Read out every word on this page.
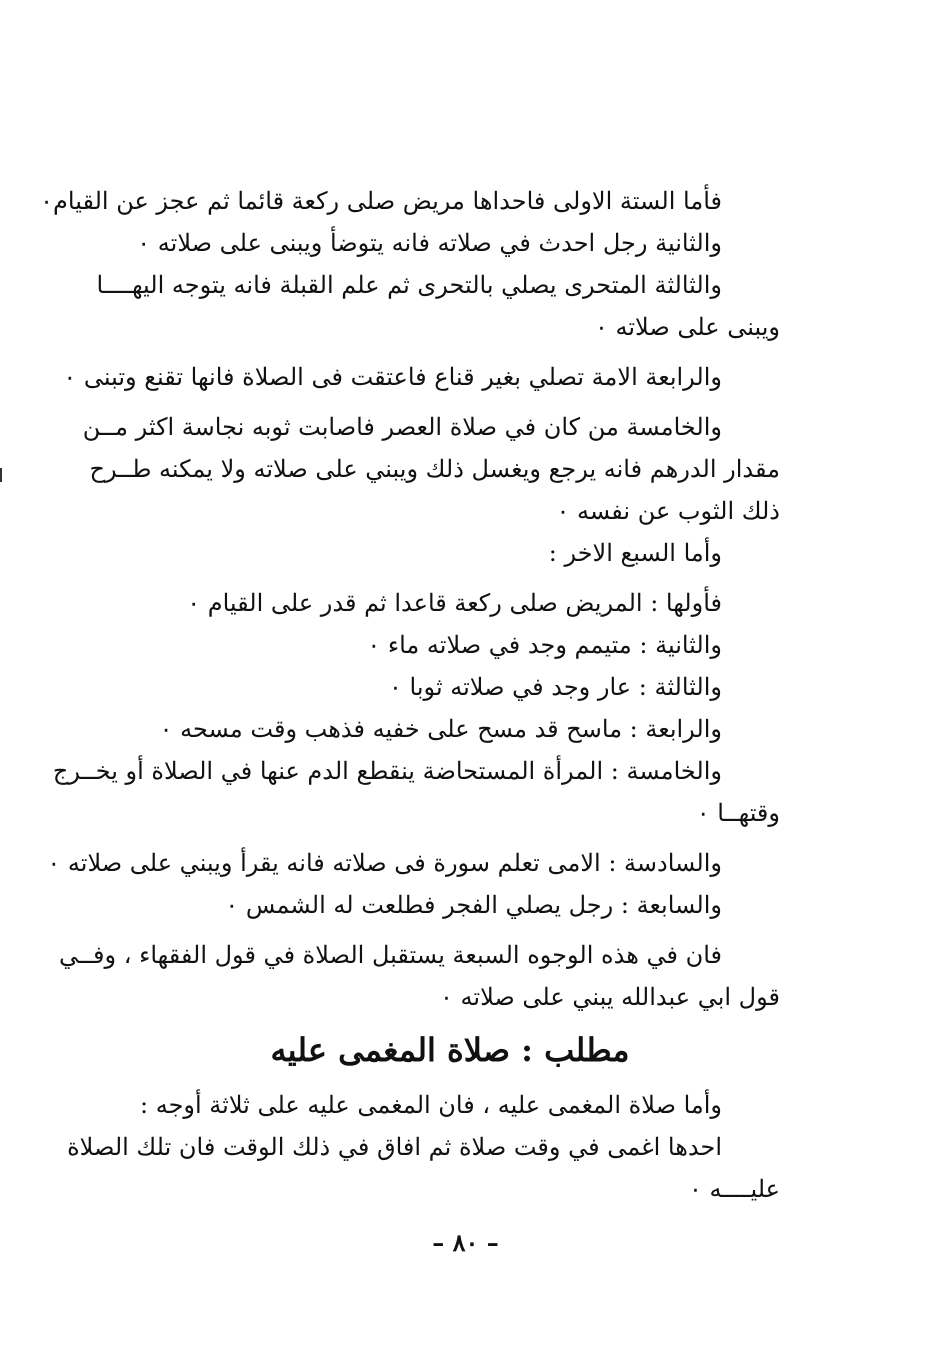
فأما الستة الاولى فاحداها مريض صلى ركعة قائما ثم عجز عن القيام٠

والثانية رجل احدث في صلاته فانه يتوضأ ويبنى على صلاته ٠

والثالثة المتحرى يصلي بالتحرى ثم علم القبلة فانه يتوجه اليهــــا

ويبنى على صلاته ٠

والرابعة الامة تصلي بغير قناع فاعتقت فى الصلاة فانها تقنع وتبنى ٠

والخامسة من كان في صلاة العصر فاصابت ثوبه نجاسة اكثر مــن

مقدار الدرهم فانه يرجع ويغسل ذلك ويبني على صلاته ولا يمكنه طــرح

ذلك الثوب عن نفسه ٠

وأما السبع الاخر :

فأولها : المريض صلى ركعة قاعدا ثم قدر على القيام ٠

والثانية : متيمم وجد في صلاته ماء ٠

والثالثة : عار وجد في صلاته ثوبا ٠

والرابعة : ماسح قد مسح على خفيه فذهب وقت مسحه ٠

والخامسة : المرأة المستحاضة ينقطع الدم عنها في الصلاة أو يخــرج

وقتهــا ٠

والسادسة : الامى تعلم سورة فى صلاته فانه يقرأ ويبني على صلاته ٠

والسابعة : رجل يصلي الفجر فطلعت له الشمس ٠

فان في هذه الوجوه السبعة يستقبل الصلاة في قول الفقهاء ، وفــي

قول ابي عبدالله يبني على صلاته ٠

مطلب : صلاة المغمى عليه

وأما صلاة المغمى عليه ، فان المغمى عليه على ثلاثة أوجه :

احدها اغمى في وقت صلاة ثم افاق في ذلك الوقت فان تلك الصلاة

عليــــه ٠

– ٨٠ –
